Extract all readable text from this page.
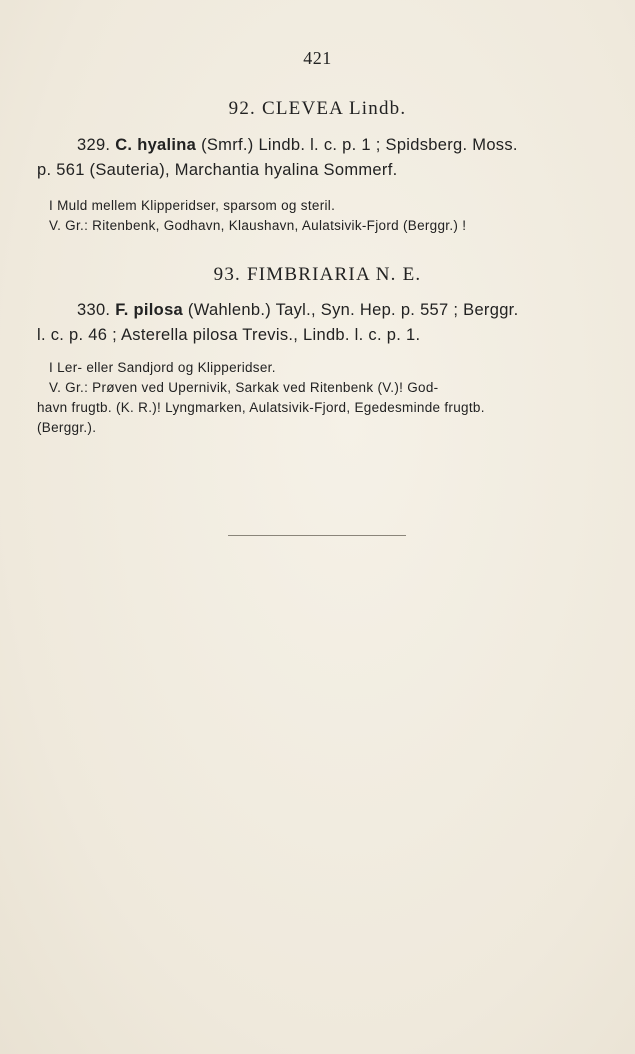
421
92. CLEVEA Lindb.
329. C. hyalina (Smrf.) Lindb. l. c. p. 1 ; Spidsberg. Moss.
p. 561 (Sauteria), Marchantia hyalina Sommerf.
I Muld mellem Klipperidser, sparsom og steril.
V. Gr.: Ritenbenk, Godhavn, Klaushavn, Aulatsivik-Fjord (Berggr.) !
93. FIMBRIARIA N. E.
330. F. pilosa (Wahlenb.) Tayl., Syn. Hep. p. 557 ; Berggr.
l. c. p. 46 ; Asterella pilosa Trevis., Lindb. l. c. p. 1.
I Ler- eller Sandjord og Klipperidser.
V. Gr.: Prøven ved Upernivik, Sarkak ved Ritenbenk (V.)! God-
havn frugtb. (K. R.)! Lyngmarken, Aulatsivik-Fjord, Egedesminde frugtb.
(Berggr.).
